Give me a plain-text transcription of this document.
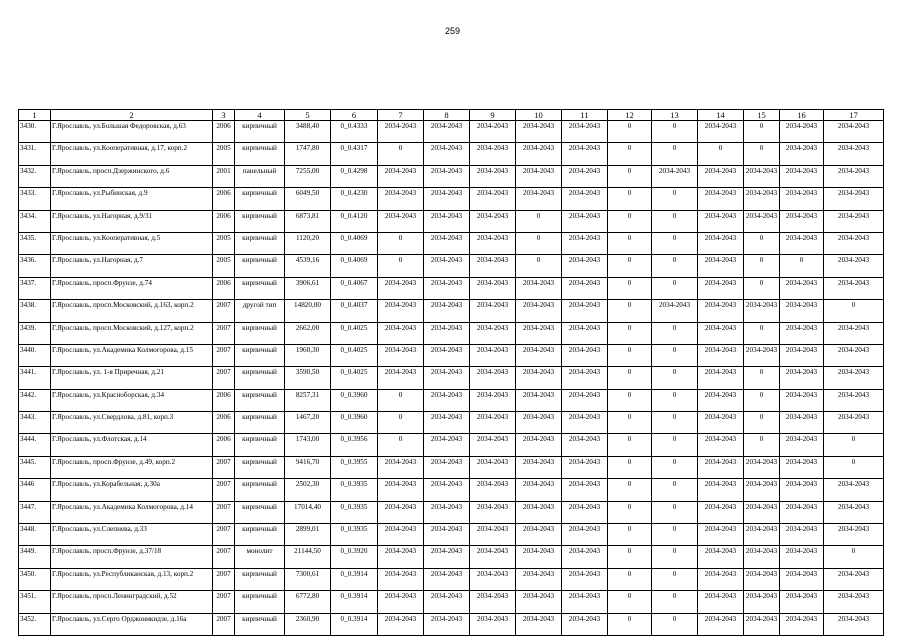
259
1	2	3	4	5	6	7	8	9	10	11	12	13	14	15	16	17
3430.	Г.Ярославль, ул.Большая Федоровская, д.63	2006	кирпичный	3488,40	0_0.4333	2034-2043	2034-2043	2034-2043	2034-2043	2034-2043	0	0	2034-2043	0	2034-2043	2034-2043
3431.	Г.Ярославль, ул.Кооперативная, д.17, корп.2	2005	кирпичный	1747,80	0_0.4317	0	2034-2043	2034-2043	2034-2043	2034-2043	0	0	0	0	2034-2043	2034-2043
3432.	Г.Ярославль, просп.Дзержинского, д.6	2001	панельный	7255,00	0_0.4298	2034-2043	2034-2043	2034-2043	2034-2043	2034-2043	0	2034-2043	2034-2043	2034-2043	2034-2043	2034-2043
3433.	Г.Ярославль, ул.Рыбинская, д.9	2006	кирпичный	6049,50	0_0.4230	2034-2043	2034-2043	2034-2043	2034-2043	2034-2043	0	0	2034-2043	2034-2043	2034-2043	2034-2043
3434.	Г.Ярославль, ул.Нагорная, д.9/31	2006	кирпичный	6873,81	0_0.4120	2034-2043	2034-2043	2034-2043	0	2034-2043	0	0	2034-2043	2034-2043	2034-2043	2034-2043
3435.	Г.Ярославль, ул.Кооперативная, д.5	2005	кирпичный	1120,20	0_0.4069	0	2034-2043	2034-2043	0	2034-2043	0	0	2034-2043	0	2034-2043	2034-2043
3436.	Г.Ярославль, ул.Нагорная, д.7	2005	кирпичный	4539,16	0_0.4069	0	2034-2043	2034-2043	0	2034-2043	0	0	2034-2043	0	0	2034-2043
3437.	Г.Ярославль, просп.Фрунзе, д.74	2006	кирпичный	3906,61	0_0.4067	2034-2043	2034-2043	2034-2043	2034-2043	2034-2043	0	0	2034-2043	0	2034-2043	2034-2043
3438.	Г.Ярославль, просп.Московский, д.163, корп.2	2007	другой тип	14820,00	0_0.4037	2034-2043	2034-2043	2034-2043	2034-2043	2034-2043	0	2034-2043	2034-2043	2034-2043	2034-2043	0
3439.	Г.Ярославль, просп.Московский, д.127, корп.2	2007	кирпичный	2662,00	0_0.4025	2034-2043	2034-2043	2034-2043	2034-2043	2034-2043	0	0	2034-2043	0	2034-2043	2034-2043
3440.	Г.Ярославль, ул.Академика Колмогорова, д.15	2007	кирпичный	1960,30	0_0.4025	2034-2043	2034-2043	2034-2043	2034-2043	2034-2043	0	0	2034-2043	2034-2043	2034-2043	2034-2043
3441.	Г.Ярославль, ул. 1-я Приречная, д.21	2007	кирпичный	3590,50	0_0.4025	2034-2043	2034-2043	2034-2043	2034-2043	2034-2043	0	0	2034-2043	0	2034-2043	2034-2043
3442.	Г.Ярославль, ул.Красноборская, д.34	2006	кирпичный	8257,31	0_0.3960	0	2034-2043	2034-2043	2034-2043	2034-2043	0	0	2034-2043	0	2034-2043	2034-2043
3443.	Г.Ярославль, ул.Свердлова, д.81, корп.3	2006	кирпичный	1467,20	0_0.3960	0	2034-2043	2034-2043	2034-2043	2034-2043	0	0	2034-2043	0	2034-2043	2034-2043
3444.	Г.Ярославль, ул.Флотская, д.14	2006	кирпичный	1743,00	0_0.3956	0	2034-2043	2034-2043	2034-2043	2034-2043	0	0	2034-2043	0	2034-2043	0
3445.	Г.Ярославль, просп.Фрунзе, д.49, корп.2	2007	кирпичный	9416,70	0_0.3955	2034-2043	2034-2043	2034-2043	2034-2043	2034-2043	0	0	2034-2043	2034-2043	2034-2043	0
3446	Г.Ярославль, ул.Корабельная, д.30а	2007	кирпичный	2502,30	0_0.3935	2034-2043	2034-2043	2034-2043	2034-2043	2034-2043	0	0	2034-2043	2034-2043	2034-2043	2034-2043
3447.	Г.Ярославль, ул.Академика Колмогорова, д.14	2007	кирпичный	17014,40	0_0.3935	2034-2043	2034-2043	2034-2043	2034-2043	2034-2043	0	0	2034-2043	2034-2043	2034-2043	2034-2043
3448.	Г.Ярославль, ул.Слепнева, д.33	2007	кирпичный	2899,01	0_0.3935	2034-2043	2034-2043	2034-2043	2034-2043	2034-2043	0	0	2034-2043	2034-2043	2034-2043	2034-2043
3449.	Г.Ярославль, просп.Фрунзе, д.37/18	2007	монолит	21144,50	0_0.3920	2034-2043	2034-2043	2034-2043	2034-2043	2034-2043	0	0	2034-2043	2034-2043	2034-2043	0
3450.	Г.Ярославль, ул.Республиканская, д.13, корп.2	2007	кирпичный	7300,61	0_0.3914	2034-2043	2034-2043	2034-2043	2034-2043	2034-2043	0	0	2034-2043	2034-2043	2034-2043	2034-2043
3451.	Г.Ярославль, просп.Ленинградский, д.52	2007	кирпичный	6772,80	0_0.3914	2034-2043	2034-2043	2034-2043	2034-2043	2034-2043	0	0	2034-2043	2034-2043	2034-2043	2034-2043
3452.	Г.Ярославль, ул.Серго Орджоникидзе, д.16а	2007	кирпичный	2360,90	0_0.3914	2034-2043	2034-2043	2034-2043	2034-2043	2034-2043	0	0	2034-2043	2034-2043	2034-2043	2034-2043
